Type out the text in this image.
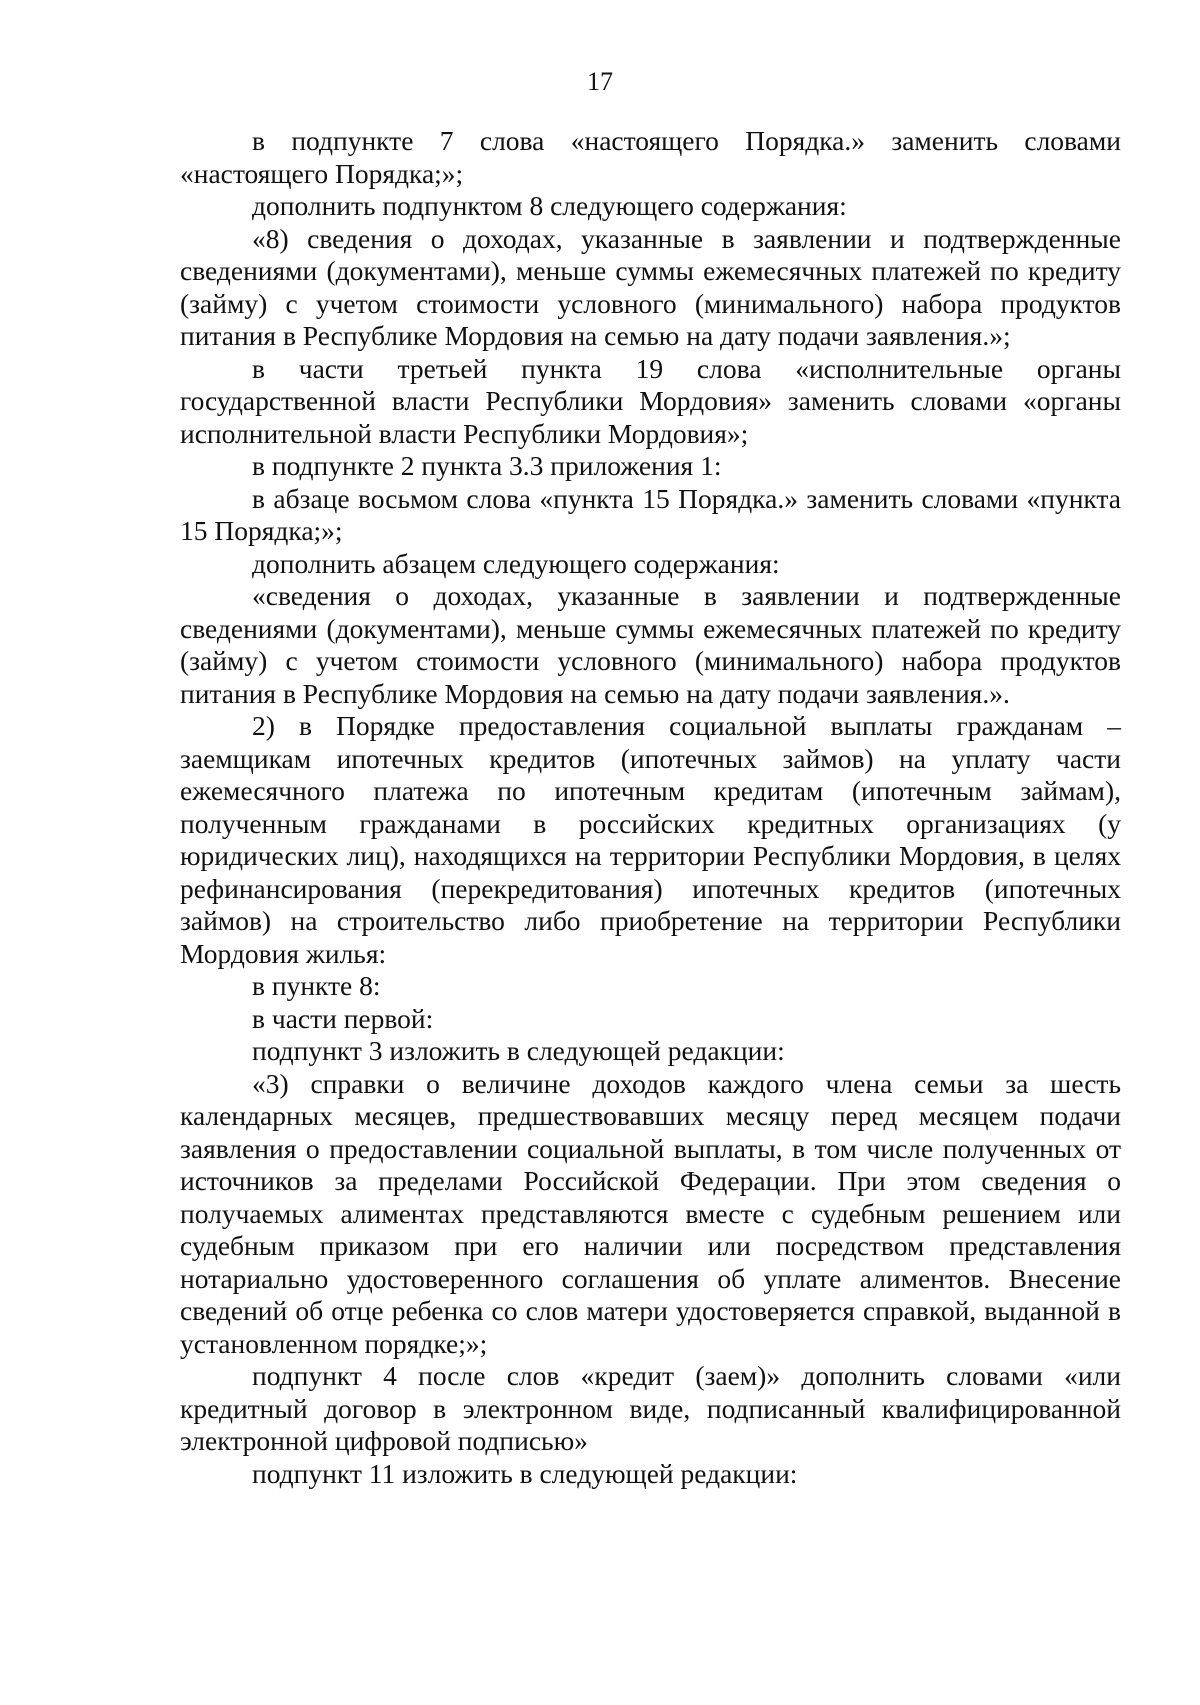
17

в подпункте 7 слова «настоящего Порядка.» заменить словами «настоящего Порядка;»;

дополнить подпунктом 8 следующего содержания:

«8) сведения о доходах, указанные в заявлении и подтвержденные сведениями (документами), меньше суммы ежемесячных платежей по кредиту (займу) с учетом стоимости условного (минимального) набора продуктов питания в Республике Мордовия на семью на дату подачи заявления.»;

в части третьей пункта 19 слова «исполнительные органы государственной власти Республики Мордовия» заменить словами «органы исполнительной власти Республики Мордовия»;

в подпункте 2 пункта 3.3 приложения 1:

в абзаце восьмом слова «пункта 15 Порядка.» заменить словами «пункта 15 Порядка;»;

дополнить абзацем следующего содержания:

«сведения о доходах, указанные в заявлении и подтвержденные сведениями (документами), меньше суммы ежемесячных платежей по кредиту (займу) с учетом стоимости условного (минимального) набора продуктов питания в Республике Мордовия на семью на дату подачи заявления.».

2) в Порядке предоставления социальной выплаты гражданам – заемщикам ипотечных кредитов (ипотечных займов) на уплату части ежемесячного платежа по ипотечным кредитам (ипотечным займам), полученным гражданами в российских кредитных организациях (у юридических лиц), находящихся на территории Республики Мордовия, в целях рефинансирования (перекредитования) ипотечных кредитов (ипотечных займов) на строительство либо приобретение на территории Республики Мордовия жилья:

в пункте 8:

в части первой:

подпункт 3 изложить в следующей редакции:

«3) справки о величине доходов каждого члена семьи за шесть календарных месяцев, предшествовавших месяцу перед месяцем подачи заявления о предоставлении социальной выплаты, в том числе полученных от источников за пределами Российской Федерации. При этом сведения о получаемых алиментах представляются вместе с судебным решением или судебным приказом при его наличии или посредством представления нотариально удостоверенного соглашения об уплате алиментов. Внесение сведений об отце ребенка со слов матери удостоверяется справкой, выданной в установленном порядке;»;

подпункт 4 после слов «кредит (заем)» дополнить словами «или кредитный договор в электронном виде, подписанный квалифицированной электронной цифровой подписью»

подпункт 11 изложить в следующей редакции:
